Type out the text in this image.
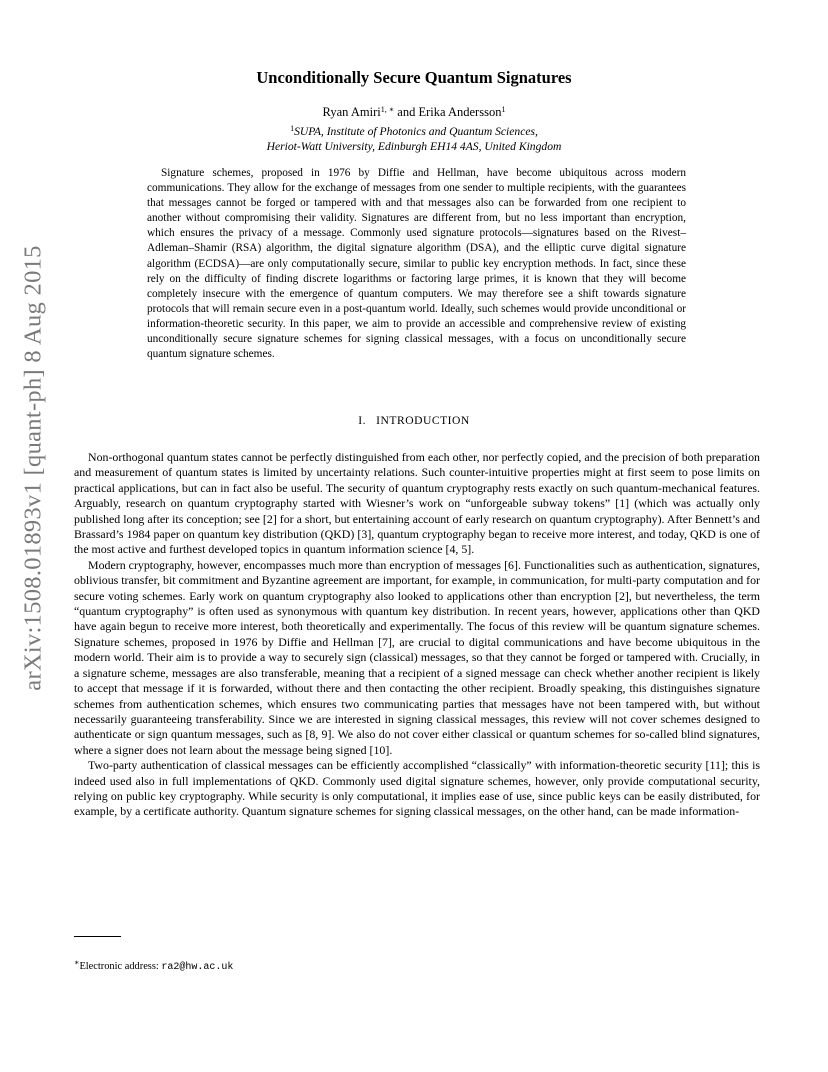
arXiv:1508.01893v1 [quant-ph] 8 Aug 2015
Unconditionally Secure Quantum Signatures
Ryan Amiri$^{1, ∗}$ and Erika Andersson$^1$
$^1$SUPA, Institute of Photonics and Quantum Sciences,
Heriot-Watt University, Edinburgh EH14 4AS, United Kingdom

Signature schemes, proposed in 1976 by Diffie and Hellman, have become ubiquitous across modern communications. They allow for the exchange of messages from one sender to multiple recipients, with the guarantees that messages cannot be forged or tampered with and that messages also can be forwarded from one recipient to another without compromising their validity. Signatures are different from, but no less important than encryption, which ensures the privacy of a message. Commonly used signature protocols—signatures based on the Rivest–Adleman–Shamir (RSA) algorithm, the digital signature algorithm (DSA), and the elliptic curve digital signature algorithm (ECDSA)—are only computationally secure, similar to public key encryption methods. In fact, since these rely on the difficulty of finding discrete logarithms or factoring large primes, it is known that they will become completely insecure with the emergence of quantum computers. We may therefore see a shift towards signature protocols that will remain secure even in a post-quantum world. Ideally, such schemes would provide unconditional or information-theoretic security. In this paper, we aim to provide an accessible and comprehensive review of existing unconditionally secure signature schemes for signing classical messages, with a focus on unconditionally secure quantum signature schemes.

I.   INTRODUCTION

Non-orthogonal quantum states cannot be perfectly distinguished from each other, nor perfectly copied, and the precision of both preparation and measurement of quantum states is limited by uncertainty relations. Such counter-intuitive properties might at first seem to pose limits on practical applications, but can in fact also be useful. The security of quantum cryptography rests exactly on such quantum-mechanical features. Arguably, research on quantum cryptography started with Wiesner’s work on “unforgeable subway tokens” [1] (which was actually only published long after its conception; see [2] for a short, but entertaining account of early research on quantum cryptography). After Bennett’s and Brassard’s 1984 paper on quantum key distribution (QKD) [3], quantum cryptography began to receive more interest, and today, QKD is one of the most active and furthest developed topics in quantum information science [4, 5].

Modern cryptography, however, encompasses much more than encryption of messages [6]. Functionalities such as authentication, signatures, oblivious transfer, bit commitment and Byzantine agreement are important, for example, in communication, for multi-party computation and for secure voting schemes. Early work on quantum cryptography also looked to applications other than encryption [2], but nevertheless, the term “quantum cryptography” is often used as synonymous with quantum key distribution. In recent years, however, applications other than QKD have again begun to receive more interest, both theoretically and experimentally. The focus of this review will be quantum signature schemes. Signature schemes, proposed in 1976 by Diffie and Hellman [7], are crucial to digital communications and have become ubiquitous in the modern world. Their aim is to provide a way to securely sign (classical) messages, so that they cannot be forged or tampered with. Crucially, in a signature scheme, messages are also transferable, meaning that a recipient of a signed message can check whether another recipient is likely to accept that message if it is forwarded, without there and then contacting the other recipient. Broadly speaking, this distinguishes signature schemes from authentication schemes, which ensures two communicating parties that messages have not been tampered with, but without necessarily guaranteeing transferability. Since we are interested in signing classical messages, this review will not cover schemes designed to authenticate or sign quantum messages, such as [8, 9]. We also do not cover either classical or quantum schemes for so-called blind signatures, where a signer does not learn about the message being signed [10].

Two-party authentication of classical messages can be efficiently accomplished “classically” with information-theoretic security [11]; this is indeed used also in full implementations of QKD. Commonly used digital signature schemes, however, only provide computational security, relying on public key cryptography. While security is only computational, it implies ease of use, since public keys can be easily distributed, for example, by a certificate authority. Quantum signature schemes for signing classical messages, on the other hand, can be made information-

∗Electronic address: ra2@hw.ac.uk
